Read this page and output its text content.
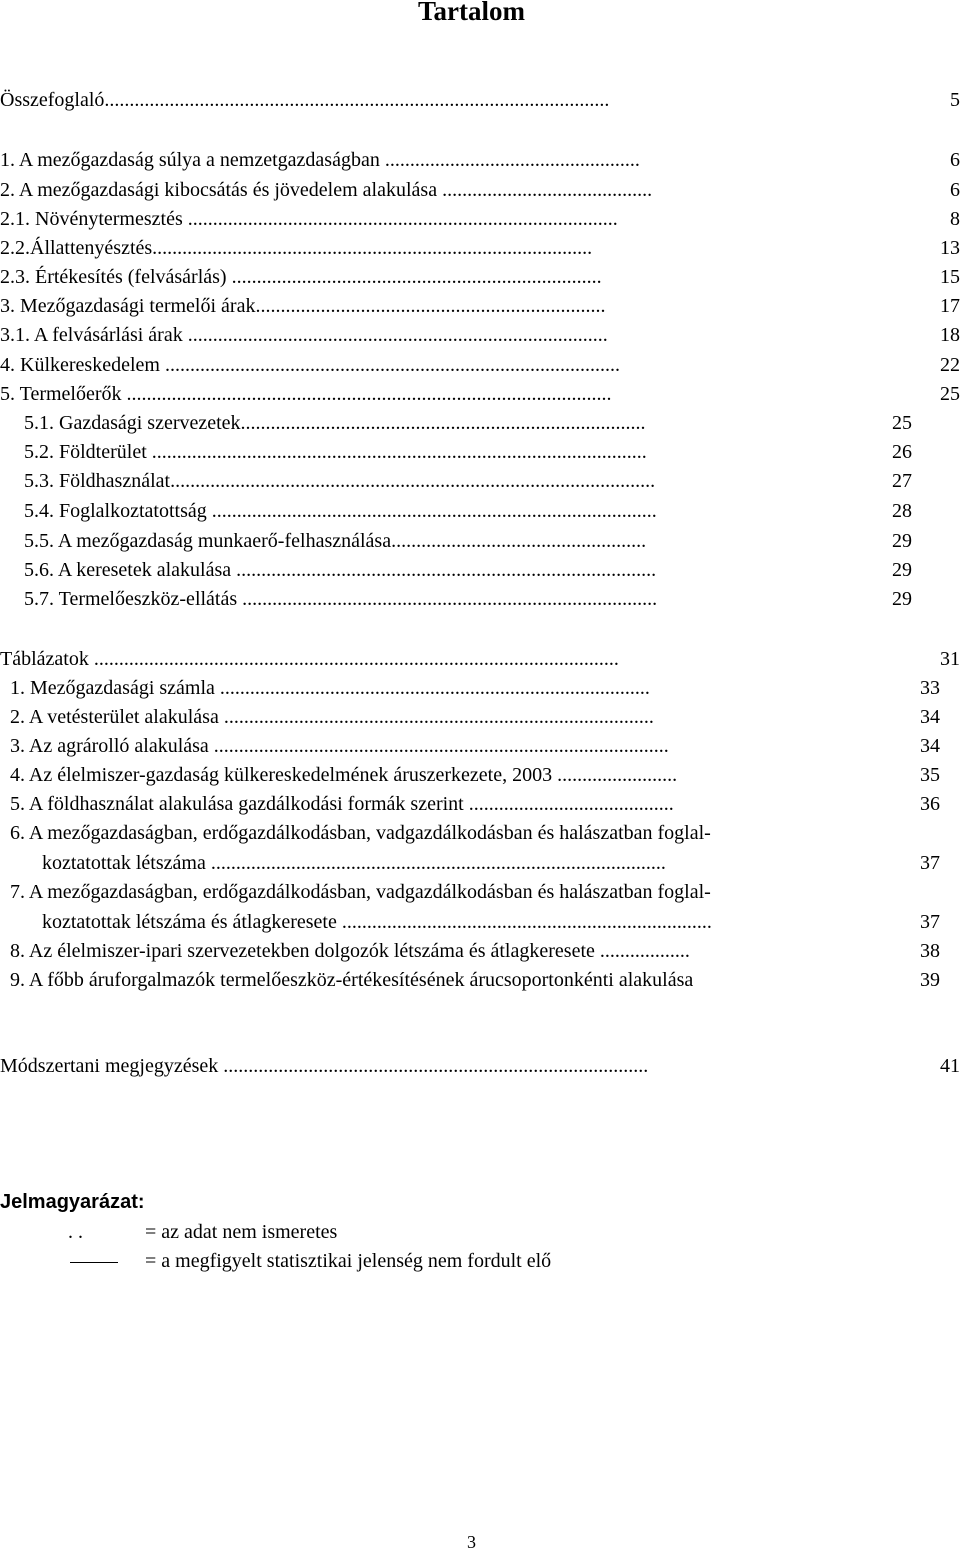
Tartalom
Összefoglaló.....................................................................................................	5
1. A mezőgazdaság súlya a nemzetgazdaságban ...................................................	6
2. A mezőgazdasági kibocsátás és jövedelem alakulása ..........................................	6
2.1. Növénytermesztés ......................................................................................	8
2.2.Állattenyésztés........................................................................................	13
2.3. Értékesítés (felvásárlás) ..........................................................................	15
3. Mezőgazdasági termelői árak......................................................................	17
3.1. A felvásárlási árak ....................................................................................	18
4. Külkereskedelem ...........................................................................................	22
5. Termelőerők .................................................................................................	25
5.1. Gazdasági szervezetek.................................................................................	25
5.2. Földterület ...................................................................................................	26
5.3. Földhasználat.................................................................................................	27
5.4. Foglalkoztatottság .........................................................................................	28
5.5. A mezőgazdaság munkaerő-felhasználása...................................................	29
5.6. A keresetek alakulása ....................................................................................	29
5.7. Termelőeszköz-ellátás ...................................................................................	29
Táblázatok .........................................................................................................	31
1. Mezőgazdasági számla ......................................................................................	33
2. A vetésterület alakulása ......................................................................................	34
3. Az agrárolló alakulása ...........................................................................................	34
4. Az élelmiszer-gazdaság külkereskedelmének áruszerkezete, 2003 ........................	35
5. A földhasználat alakulása gazdálkodási formák szerint .........................................	36
6. A mezőgazdaságban, erdőgazdálkodásban, vadgazdálkodásban és halászatban foglal-
koztatottak létszáma ...........................................................................................	37
7. A mezőgazdaságban, erdőgazdálkodásban, vadgazdálkodásban és halászatban foglal-
koztatottak létszáma és átlagkeresete ..........................................................................	37
8. Az élelmiszer-ipari szervezetekben dolgozók létszáma és átlagkeresete ..................	38
9. A főbb áruforgalmazók termelőeszköz-értékesítésének árucsoportonkénti alakulása	39
Módszertani megjegyzések .....................................................................................	41
Jelmagyarázat:
. .	= az adat nem ismeretes
= a megfigyelt statisztikai jelenség nem fordult elő
3
